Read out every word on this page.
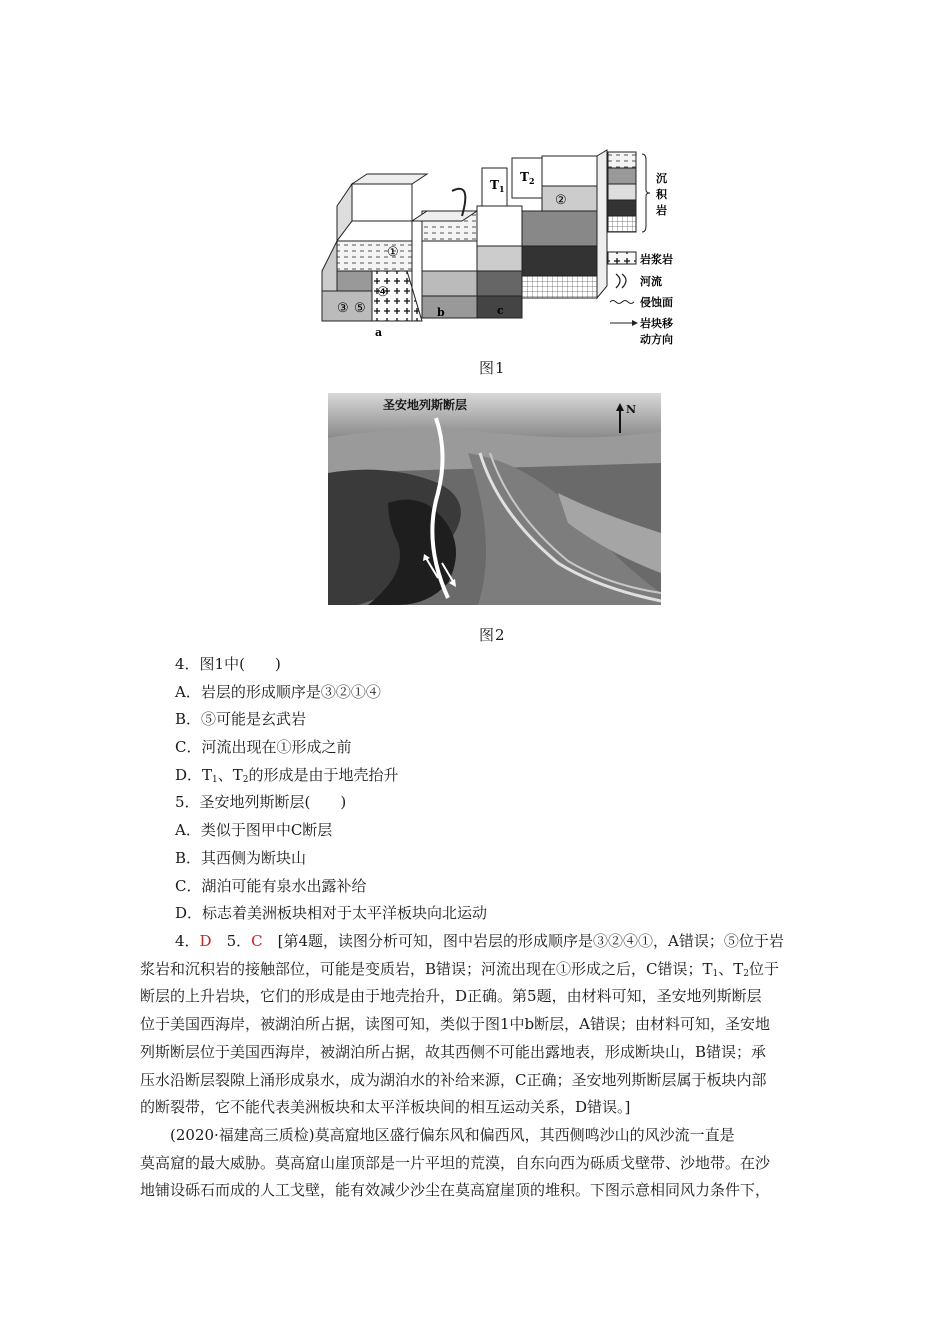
a
b	c
$T_1$
$T_2$
①
②
③
④
⑤
沉
积
岩
岩浆岩
河流
侵蚀面
岩块移
动方向
图1
圣安地列斯断层	N
图2
4．图1中(　　)
A．岩层的形成顺序是③②①④
B．⑤可能是玄武岩
C．河流出现在①形成之前
D．$T_1$、$T_2$的形成是由于地壳抬升
5．圣安地列斯断层(　　)
A．类似于图甲中C断层
B．其西侧为断块山
C．湖泊可能有泉水出露补给
D．标志着美洲板块相对于太平洋板块向北运动
4．D　5．C　[第4题，读图分析可知，图中岩层的形成顺序是③②④①，A错误；⑤位于岩
浆岩和沉积岩的接触部位，可能是变质岩，B错误；河流出现在①形成之后，C错误；$T_1$、$T_2$位于
断层的上升岩块，它们的形成是由于地壳抬升，D正确。第5题，由材料可知，圣安地列斯断层
位于美国西海岸，被湖泊所占据，读图可知，类似于图1中b断层，A错误；由材料可知，圣安地
列斯断层位于美国西海岸，被湖泊所占据，故其西侧不可能出露地表，形成断块山，B错误；承
压水沿断层裂隙上涌形成泉水，成为湖泊水的补给来源，C正确；圣安地列斯断层属于板块内部
的断裂带，它不能代表美洲板块和太平洋板块间的相互运动关系，D错误。]
　　(2020·福建高三质检)莫高窟地区盛行偏东风和偏西风，其西侧鸣沙山的风沙流一直是
莫高窟的最大威胁。莫高窟山崖顶部是一片平坦的荒漠，自东向西为砾质戈壁带、沙地带。在沙
地铺设砾石而成的人工戈壁，能有效减少沙尘在莫高窟崖顶的堆积。下图示意相同风力条件下，
